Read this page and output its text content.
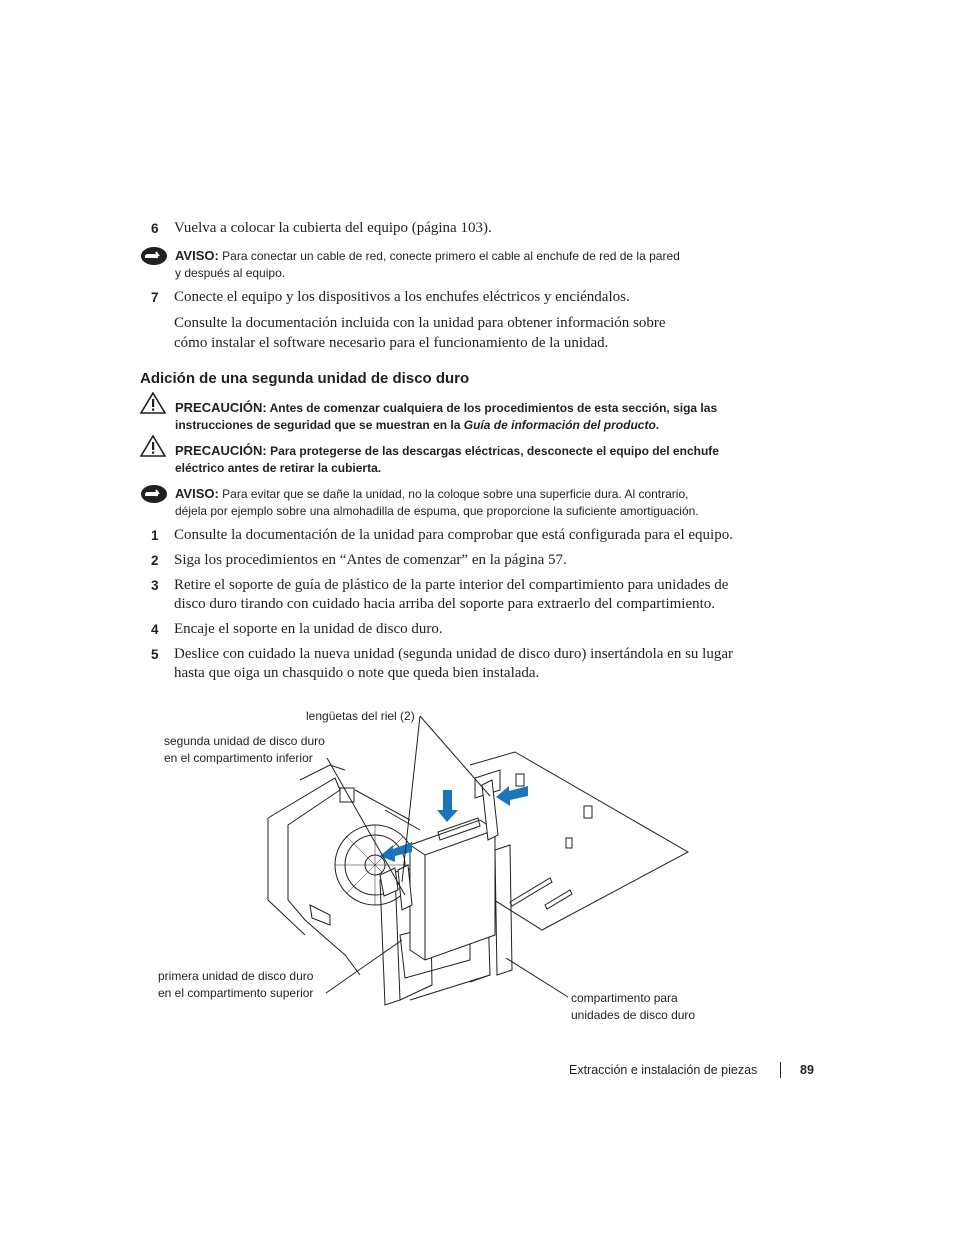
6 Vuelva a colocar la cubierta del equipo (página 103).
AVISO: Para conectar un cable de red, conecte primero el cable al enchufe de red de la pared
y después al equipo.
7 Conecte el equipo y los dispositivos a los enchufes eléctricos y enciéndalos.
Consulte la documentación incluida con la unidad para obtener información sobre
cómo instalar el software necesario para el funcionamiento de la unidad.
Adición de una segunda unidad de disco duro
PRECAUCIÓN: Antes de comenzar cualquiera de los procedimientos de esta sección, siga las
instrucciones de seguridad que se muestran en la Guía de información del producto.
PRECAUCIÓN: Para protegerse de las descargas eléctricas, desconecte el equipo del enchufe
eléctrico antes de retirar la cubierta.
AVISO: Para evitar que se dañe la unidad, no la coloque sobre una superficie dura. Al contrario,
déjela por ejemplo sobre una almohadilla de espuma, que proporcione la suficiente amortiguación.
1 Consulte la documentación de la unidad para comprobar que está configurada para el equipo.
2 Siga los procedimientos en “Antes de comenzar” en la página 57.
3 Retire el soporte de guía de plástico de la parte interior del compartimiento para unidades de
disco duro tirando con cuidado hacia arriba del soporte para extraerlo del compartimiento.
4 Encaje el soporte en la unidad de disco duro.
5 Deslice con cuidado la nueva unidad (segunda unidad de disco duro) insertándola en su lugar
hasta que oiga un chasquido o note que queda bien instalada.
lengüetas del riel (2)
segunda unidad de disco duro
en el compartimento inferior
primera unidad de disco duro
en el compartimento superior	compartimento para
unidades de disco duro
Extracción e instalación de piezas	89
